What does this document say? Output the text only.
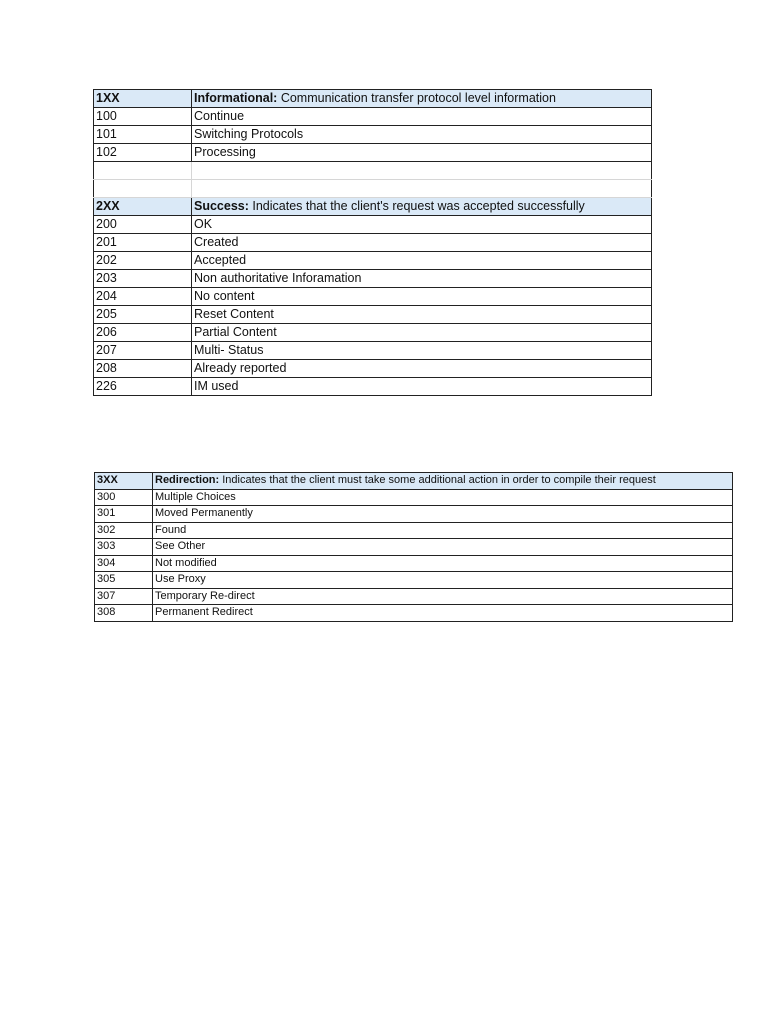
1XX	Informational: Communication transfer protocol level information
100	Continue
101	Switching Protocols
102	Processing

2XX	Success: Indicates that the client's request was accepted successfully
200	OK
201	Created
202	Accepted
203	Non authoritative Inforamation
204	No content
205	Reset Content
206	Partial Content
207	Multi- Status
208	Already reported
226	IM used
3XX	Redirection: Indicates that the client must take some additional action in order to compile their request
300	Multiple Choices
301	Moved Permanently
302	Found
303	See Other
304	Not modified
305	Use Proxy
307	Temporary Re-direct
308	Permanent Redirect
